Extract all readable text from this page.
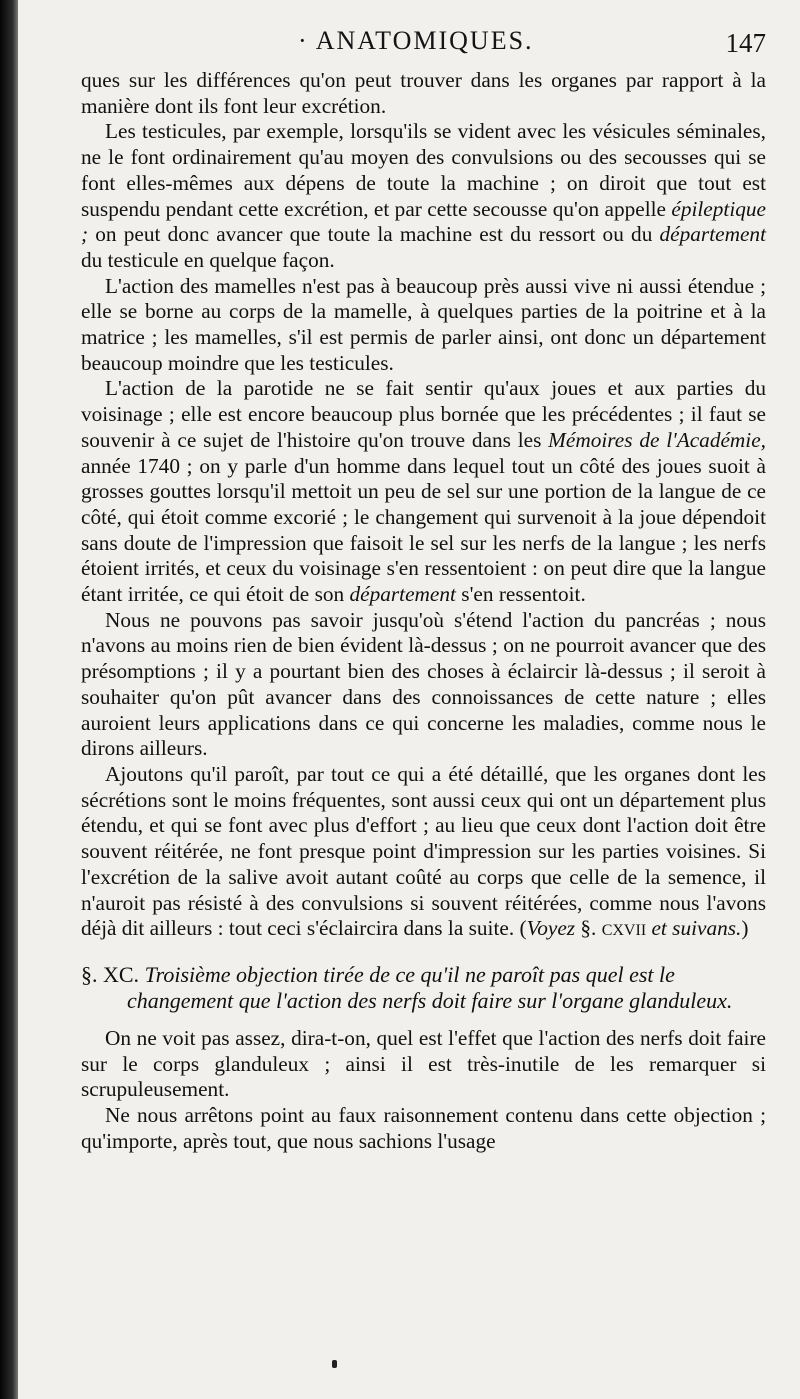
· ANATOMIQUES.	147

ques sur les différences qu'on peut trouver dans les organes par rapport à la manière dont ils font leur excrétion.

Les testicules, par exemple, lorsqu'ils se vident avec les vésicules séminales, ne le font ordinairement qu'au moyen des convulsions ou des secousses qui se font elles-mêmes aux dépens de toute la machine ; on diroit que tout est suspendu pendant cette excrétion, et par cette secousse qu'on appelle épileptique ; on peut donc avancer que toute la machine est du ressort ou du département du testicule en quelque façon.

L'action des mamelles n'est pas à beaucoup près aussi vive ni aussi étendue ; elle se borne au corps de la mamelle, à quelques parties de la poitrine et à la matrice ; les mamelles, s'il est permis de parler ainsi, ont donc un département beaucoup moindre que les testicules.

L'action de la parotide ne se fait sentir qu'aux joues et aux parties du voisinage ; elle est encore beaucoup plus bornée que les précédentes ; il faut se souvenir à ce sujet de l'histoire qu'on trouve dans les Mémoires de l'Académie, année 1740 ; on y parle d'un homme dans lequel tout un côté des joues suoit à grosses gouttes lorsqu'il mettoit un peu de sel sur une portion de la langue de ce côté, qui étoit comme excorié ; le changement qui survenoit à la joue dépendoit sans doute de l'impression que faisoit le sel sur les nerfs de la langue ; les nerfs étoient irrités, et ceux du voisinage s'en ressentoient : on peut dire que la langue étant irritée, ce qui étoit de son département s'en ressentoit.

Nous ne pouvons pas savoir jusqu'où s'étend l'action du pancréas ; nous n'avons au moins rien de bien évident là-dessus ; on ne pourroit avancer que des présomptions ; il y a pourtant bien des choses à éclaircir là-dessus ; il seroit à souhaiter qu'on pût avancer dans des connoissances de cette nature ; elles auroient leurs applications dans ce qui concerne les maladies, comme nous le dirons ailleurs.

Ajoutons qu'il paroît, par tout ce qui a été détaillé, que les organes dont les sécrétions sont le moins fréquentes, sont aussi ceux qui ont un département plus étendu, et qui se font avec plus d'effort ; au lieu que ceux dont l'action doit être souvent réitérée, ne font presque point d'impression sur les parties voisines. Si l'excrétion de la salive avoit autant coûté au corps que celle de la semence, il n'auroit pas résisté à des convulsions si souvent réitérées, comme nous l'avons déjà dit ailleurs : tout ceci s'éclaircira dans la suite. (Voyez §. CXVII et suivans.)

§. XC. Troisième objection tirée de ce qu'il ne paroît pas quel est le changement que l'action des nerfs doit faire sur l'organe glanduleux.

On ne voit pas assez, dira-t-on, quel est l'effet que l'action des nerfs doit faire sur le corps glanduleux ; ainsi il est très-inutile de les remarquer si scrupuleusement.

Ne nous arrêtons point au faux raisonnement contenu dans cette objection ; qu'importe, après tout, que nous sachions l'usage
